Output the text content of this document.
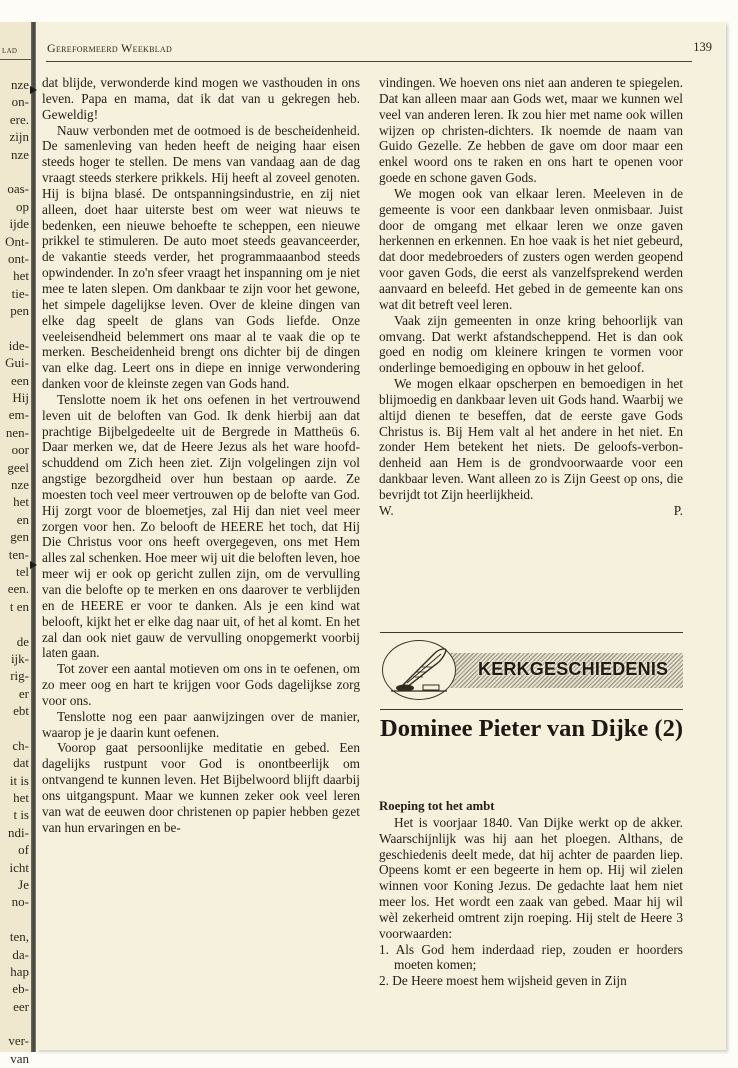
lad
nze
on-
ere.
zijn
nze
oas-
op
ijde
Ont-
ont-
het
tie-
pen
ide-
Gui-
een
Hij
em-
nen-
oor
geel
nze
het
en
gen
ten-
tel
een.
t en
de
ijk-
rig-
er
ebt
ch-
dat
it is
het
t is
ndi-
of
icht
Je
no-
ten,
da-
hap
eb-
eer
ver-
van
Gereformeerd Weekblad	139

dat blijde, verwonderde kind mogen we vasthouden in ons leven. Papa en mama, dat ik dat van u gekregen heb. Geweldig!

Nauw verbonden met de ootmoed is de bescheidenheid. De samenleving van heden heeft de neiging haar eisen steeds hoger te stellen. De mens van vandaag aan de dag vraagt steeds sterkere prikkels. Hij heeft al zoveel genoten. Hij is bijna blasé. De ontspanningsindustrie, en zij niet alleen, doet haar uiterste best om weer wat nieuws te bedenken, een nieuwe behoefte te scheppen, een nieuwe prikkel te stimuleren. De auto moet steeds geavanceerder, de vakantie steeds verder, het programmaaanbod steeds opwindender. In zo'n sfeer vraagt het inspanning om je niet mee te laten slepen. Om dankbaar te zijn voor het gewone, het simpele dagelijkse leven. Over de kleine dingen van elke dag speelt de glans van Gods liefde. Onze veeleisendheid belemmert ons maar al te vaak die op te merken. Bescheidenheid brengt ons dichter bij de dingen van elke dag. Leert ons in diepe en innige verwondering danken voor de kleinste zegen van Gods hand.

Tenslotte noem ik het ons oefenen in het vertrouwend leven uit de beloften van God. Ik denk hierbij aan dat prachtige Bijbelgedeelte uit de Bergrede in Mattheüs 6. Daar merken we, dat de Heere Jezus als het ware hoofdschuddend om Zich heen ziet. Zijn volgelingen zijn vol angstige bezorgdheid over hun bestaan op aarde. Ze moesten toch veel meer vertrouwen op de belofte van God. Hij zorgt voor de bloemetjes, zal Hij dan niet veel meer zorgen voor hen. Zo belooft de HEERE het toch, dat Hij Die Christus voor ons heeft overgegeven, ons met Hem alles zal schenken. Hoe meer wij uit die beloften leven, hoe meer wij er ook op gericht zullen zijn, om de vervulling van die belofte op te merken en ons daarover te verblijden en de HEERE er voor te danken. Als je een kind wat belooft, kijkt het er elke dag naar uit, of het al komt. En het zal dan ook niet gauw de vervulling onopgemerkt voorbij laten gaan.

Tot zover een aantal motieven om ons in te oefenen, om zo meer oog en hart te krijgen voor Gods dagelijkse zorg voor ons.

Tenslotte nog een paar aanwijzingen over de manier, waarop je je daarin kunt oefenen.

Voorop gaat persoonlijke meditatie en gebed. Een dagelijks rustpunt voor God is onontbeerlijk om ontvangend te kunnen leven. Het Bijbelwoord blijft daarbij ons uitgangspunt. Maar we kunnen zeker ook veel leren van wat de eeuwen door christenen op papier hebben gezet van hun ervaringen en be-

vindingen. We hoeven ons niet aan anderen te spiegelen. Dat kan alleen maar aan Gods wet, maar we kunnen wel veel van anderen leren. Ik zou hier met name ook willen wijzen op christen-dichters. Ik noemde de naam van Guido Gezelle. Ze hebben de gave om door maar een enkel woord ons te raken en ons hart te openen voor goede en schone gaven Gods.

We mogen ook van elkaar leren. Meeleven in de gemeente is voor een dankbaar leven onmisbaar. Juist door de omgang met elkaar leren we onze gaven herkennen en erkennen. En hoe vaak is het niet gebeurd, dat door medebroeders of zusters ogen werden geopend voor gaven Gods, die eerst als vanzelfsprekend werden aanvaard en beleefd. Het gebed in de gemeente kan ons wat dit betreft veel leren.

Vaak zijn gemeenten in onze kring behoorlijk van omvang. Dat werkt afstandscheppend. Het is dan ook goed en nodig om kleinere kringen te vormen voor onderlinge bemoediging en opbouw in het geloof.

We mogen elkaar opscherpen en bemoedigen in het blijmoedig en dankbaar leven uit Gods hand. Waarbij we altijd dienen te beseffen, dat de eerste gave Gods Christus is. Bij Hem valt al het andere in het niet. En zonder Hem betekent het niets. De geloofs-verbondenheid aan Hem is de grondvoorwaarde voor een dankbaar leven. Want alleen zo is Zijn Geest op ons, die bevrijdt tot Zijn heerlijkheid.

W.	P.
KERKGESCHIEDENIS
Dominee Pieter van Dijke (2)

Roeping tot het ambt

Het is voorjaar 1840. Van Dijke werkt op de akker. Waarschijnlijk was hij aan het ploegen. Althans, de geschiedenis deelt mede, dat hij achter de paarden liep. Opeens komt er een begeerte in hem op. Hij wil zielen winnen voor Koning Jezus. De gedachte laat hem niet meer los. Het wordt een zaak van gebed. Maar hij wil wèl zekerheid omtrent zijn roeping. Hij stelt de Heere 3 voorwaarden:

1. Als God hem inderdaad riep, zouden er hoorders moeten komen;

2. De Heere moest hem wijsheid geven in Zijn
